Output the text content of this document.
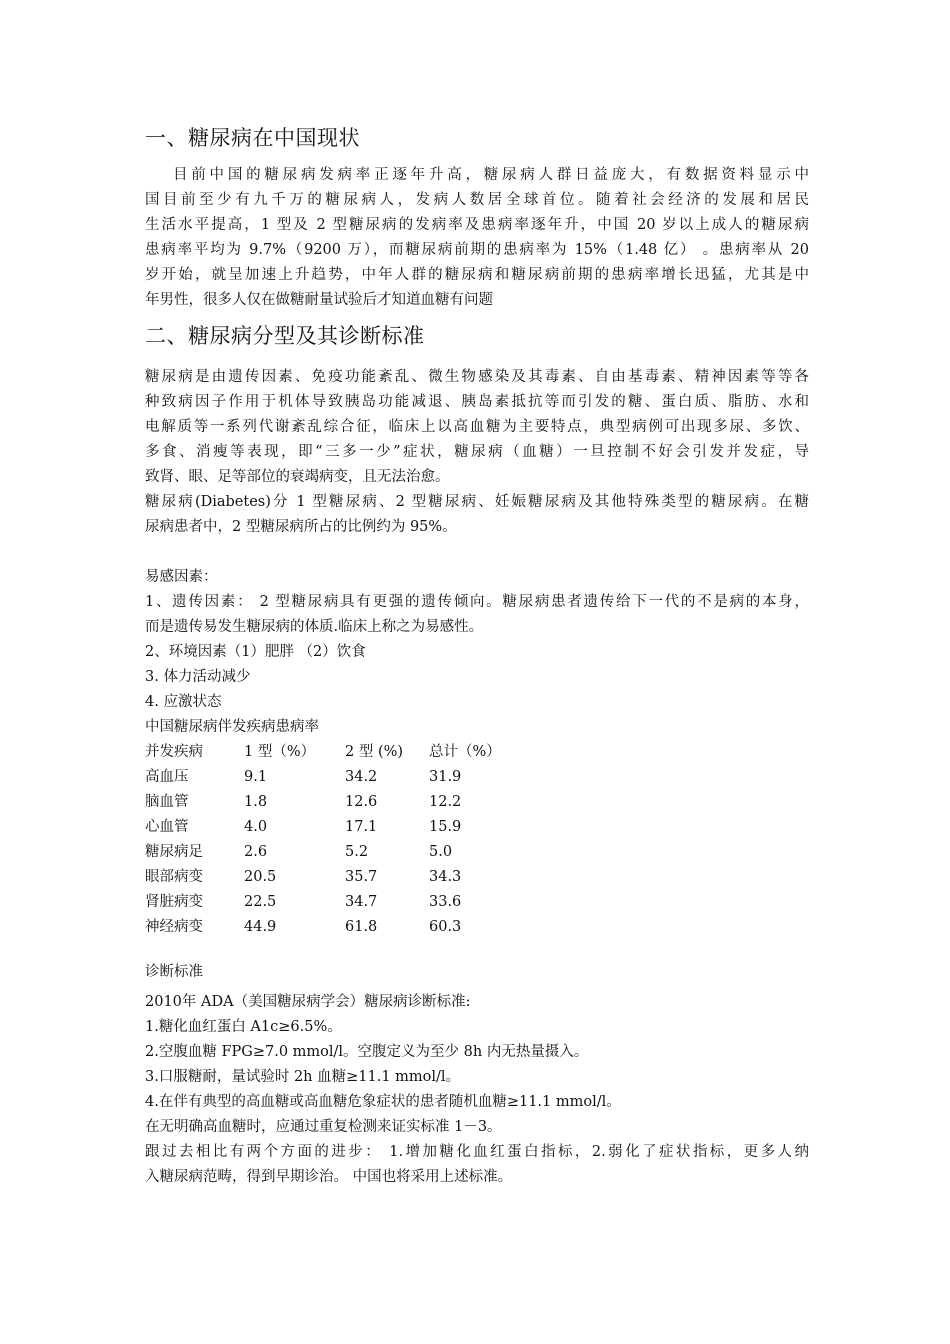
一、糖尿病在中国现状
目前中国的糖尿病发病率正逐年升高，糖尿病人群日益庞大，有数据资料显示中
国目前至少有九千万的糖尿病人，发病人数居全球首位。随着社会经济的发展和居民
生活水平提高，1 型及 2 型糖尿病的发病率及患病率逐年升，中国 20 岁以上成人的糖尿病
患病率平均为 9.7%（9200 万），而糖尿病前期的患病率为 15%（1.48 亿） 。患病率从 20
岁开始，就呈加速上升趋势，中年人群的糖尿病和糖尿病前期的患病率增长迅猛，尤其是中
年男性，很多人仅在做糖耐量试验后才知道血糖有问题
二、糖尿病分型及其诊断标准
糖尿病是由遗传因素、免疫功能紊乱、微生物感染及其毒素、自由基毒素、精神因素等等各
种致病因子作用于机体导致胰岛功能减退、胰岛素抵抗等而引发的糖、蛋白质、脂肪、水和
电解质等一系列代谢紊乱综合征，临床上以高血糖为主要特点，典型病例可出现多尿、多饮、
多食、消瘦等表现，即“三多一少”症状，糖尿病（血糖）一旦控制不好会引发并发症，导
致肾、眼、足等部位的衰竭病变，且无法治愈。
糖尿病(Diabetes)分 1 型糖尿病、2 型糖尿病、妊娠糖尿病及其他特殊类型的糖尿病。在糖
尿病患者中，2 型糖尿病所占的比例约为 95%。
易感因素：
1、遗传因素： 2 型糖尿病具有更强的遗传倾向。糖尿病患者遗传给下一代的不是病的本身，
而是遗传易发生糖尿病的体质.临床上称之为易感性。
2、环境因素（1）肥胖 （2）饮食
3. 体力活动减少
4. 应激状态
中国糖尿病伴发疾病患病率
并发疾病	1 型（%） 2 型 (%) 总计（%）
高血压	9.1	34.2	31.9
脑血管	1.8	12.6	12.2
心血管	4.0	17.1	15.9
糖尿病足	2.6	5.2	5.0
眼部病变	20.5	35.7	34.3
肾脏病变	22.5	34.7	33.6
神经病变	44.9	61.8	60.3
诊断标准
2010年 ADA（美国糖尿病学会）糖尿病诊断标准:
1.糖化血红蛋白 A1c≥6.5%。
2.空腹血糖 FPG≥7.0 mmol/l。空腹定义为至少 8h 内无热量摄入。
3.口服糖耐，量试验时 2h 血糖≥11.1 mmol/l。
4.在伴有典型的高血糖或高血糖危象症状的患者随机血糖≥11.1 mmol/l。
在无明确高血糖时，应通过重复检测来证实标准 1－3。
跟过去相比有两个方面的进步： 1.增加糖化血红蛋白指标，2.弱化了症状指标，更多人纳
入糖尿病范畴，得到早期诊治。 中国也将采用上述标准。
